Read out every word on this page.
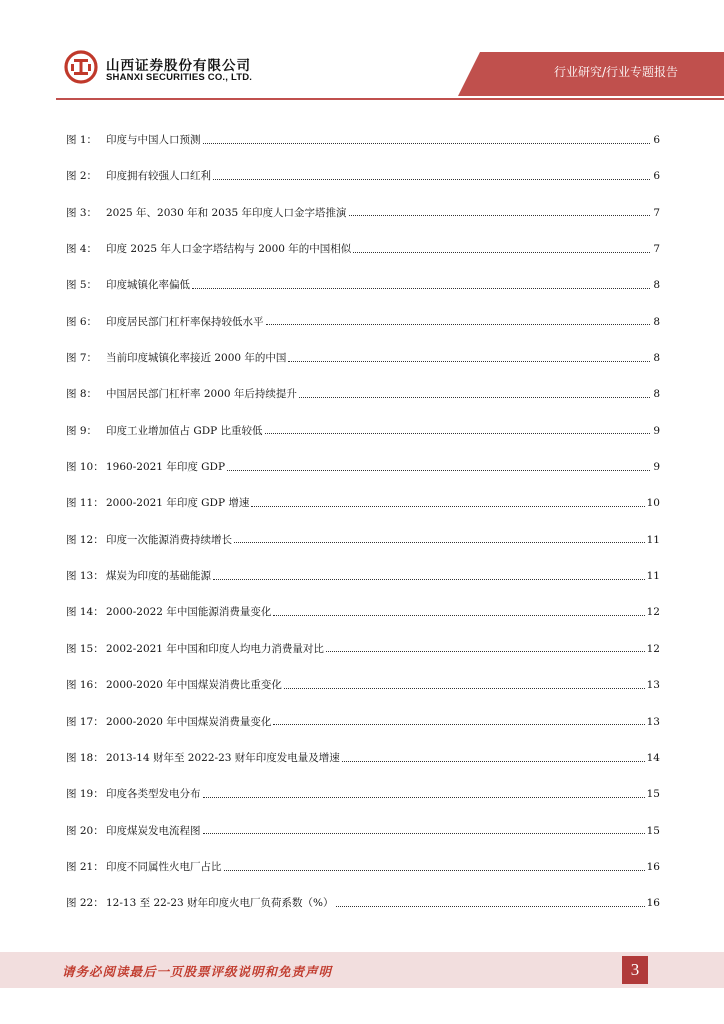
山西证券股份有限公司
SHANXI SECURITIES CO., LTD.	行业研究/行业专题报告
图 1： 印度与中国人口预测	6
图 2： 印度拥有较强人口红利	6
图 3： 2025 年、2030 年和 2035 年印度人口金字塔推演	7
图 4： 印度 2025 年人口金字塔结构与 2000 年的中国相似	7
图 5： 印度城镇化率偏低	8
图 6： 印度居民部门杠杆率保持较低水平	8
图 7： 当前印度城镇化率接近 2000 年的中国	8
图 8： 中国居民部门杠杆率 2000 年后持续提升	8
图 9： 印度工业增加值占 GDP 比重较低	9
图 10： 1960-2021 年印度 GDP	9
图 11： 2000-2021 年印度 GDP 增速	10
图 12： 印度一次能源消费持续增长	11
图 13： 煤炭为印度的基础能源	11
图 14： 2000-2022 年中国能源消费量变化	12
图 15： 2002-2021 年中国和印度人均电力消费量对比	12
图 16： 2000-2020 年中国煤炭消费比重变化	13
图 17： 2000-2020 年中国煤炭消费量变化	13
图 18： 2013-14 财年至 2022-23 财年印度发电量及增速	14
图 19： 印度各类型发电分布	15
图 20： 印度煤炭发电流程图	15
图 21： 印度不同属性火电厂占比	16
图 22： 12-13 至 22-23 财年印度火电厂负荷系数（%）	16
请务必阅读最后一页股票评级说明和免责声明	3
